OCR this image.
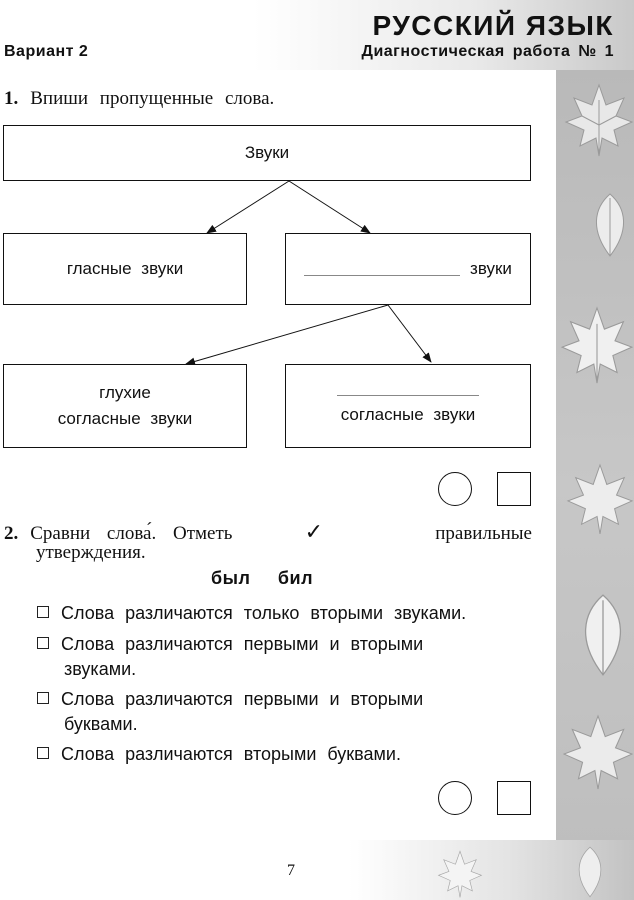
Вариант 2
РУССКИЙ ЯЗЫК
Диагностическая работа № 1
1. Впиши пропущенные слова.
Звуки
гласные звуки	звуки
глухие
согласные звуки	согласные звуки
2. Сравни слова́. Отметь	✓	правильные
утверждения.
был бил
Слова различаются только вторыми звуками.
Слова различаются первыми и вторыми
звуками.
Слова различаются первыми и вторыми
буквами.
Слова различаются вторыми буквами.
7
